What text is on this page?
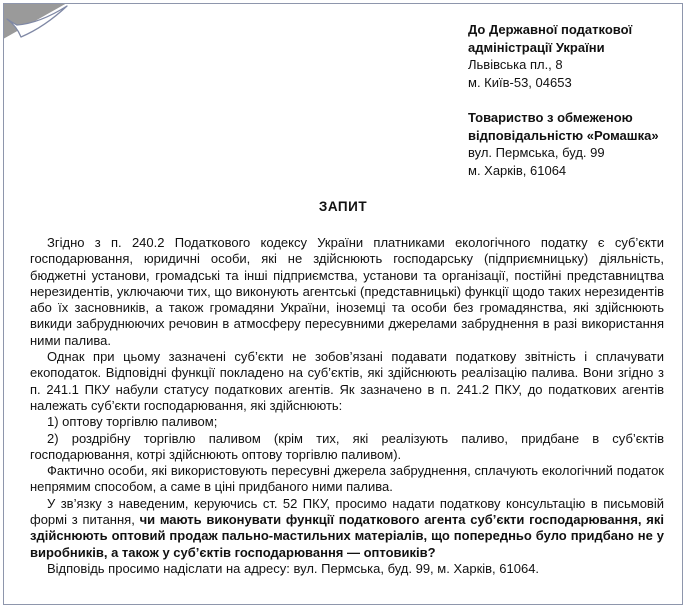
До Державної податкової адміністрації України
Львівська пл., 8
м. Київ-53, 04653
Товариство з обмеженою відповідальністю «Ромашка»
вул. Пермська, буд. 99
м. Харків, 61064
ЗАПИТ

Згідно з п. 240.2 Податкового кодексу України платниками екологічного податку є суб’єкти господарювання, юридичні особи, які не здійснюють господарську (підприємницьку) діяльність, бюджетні установи, громадські та інші підприємства, установи та організації, постійні представництва нерезидентів, уключаючи тих, що виконують агентські (представницькі) функції щодо таких нерезидентів або їх засновників, а також громадяни України, іноземці та особи без громадянства, які здійснюють викиди забруднюючих речовин в атмосферу пересувними джерелами забруднення в разі використання ними палива.

Однак при цьому зазначені суб’єкти не зобов’язані подавати податкову звітність і сплачувати екоподаток. Відповідні функції покладено на суб’єктів, які здійснюють реалізацію палива. Вони згідно з п. 241.1 ПКУ набули статусу податкових агентів. Як зазначено в п. 241.2 ПКУ, до податкових агентів належать суб’єкти господарювання, які здійснюють:

1) оптову торгівлю паливом;

2) роздрібну торгівлю паливом (крім тих, які реалізують паливо, придбане в суб’єктів господарювання, котрі здійснюють оптову торгівлю паливом).

Фактично особи, які використовують пересувні джерела забруднення, сплачують екологічний податок непрямим способом, а саме в ціні придбаного ними палива.

У зв’язку з наведеним, керуючись ст. 52 ПКУ, просимо надати податкову консультацію в письмовій формі з питання, чи мають виконувати функції податкового агента суб’єкти господарювання, які здійснюють оптовий продаж пально-мастильних матеріалів, що попередньо було придбано не у виробників, а також у суб’єктів господарювання — оптовиків?

Відповідь просимо надіслати на адресу: вул. Пермська, буд. 99, м. Харків, 61064.
